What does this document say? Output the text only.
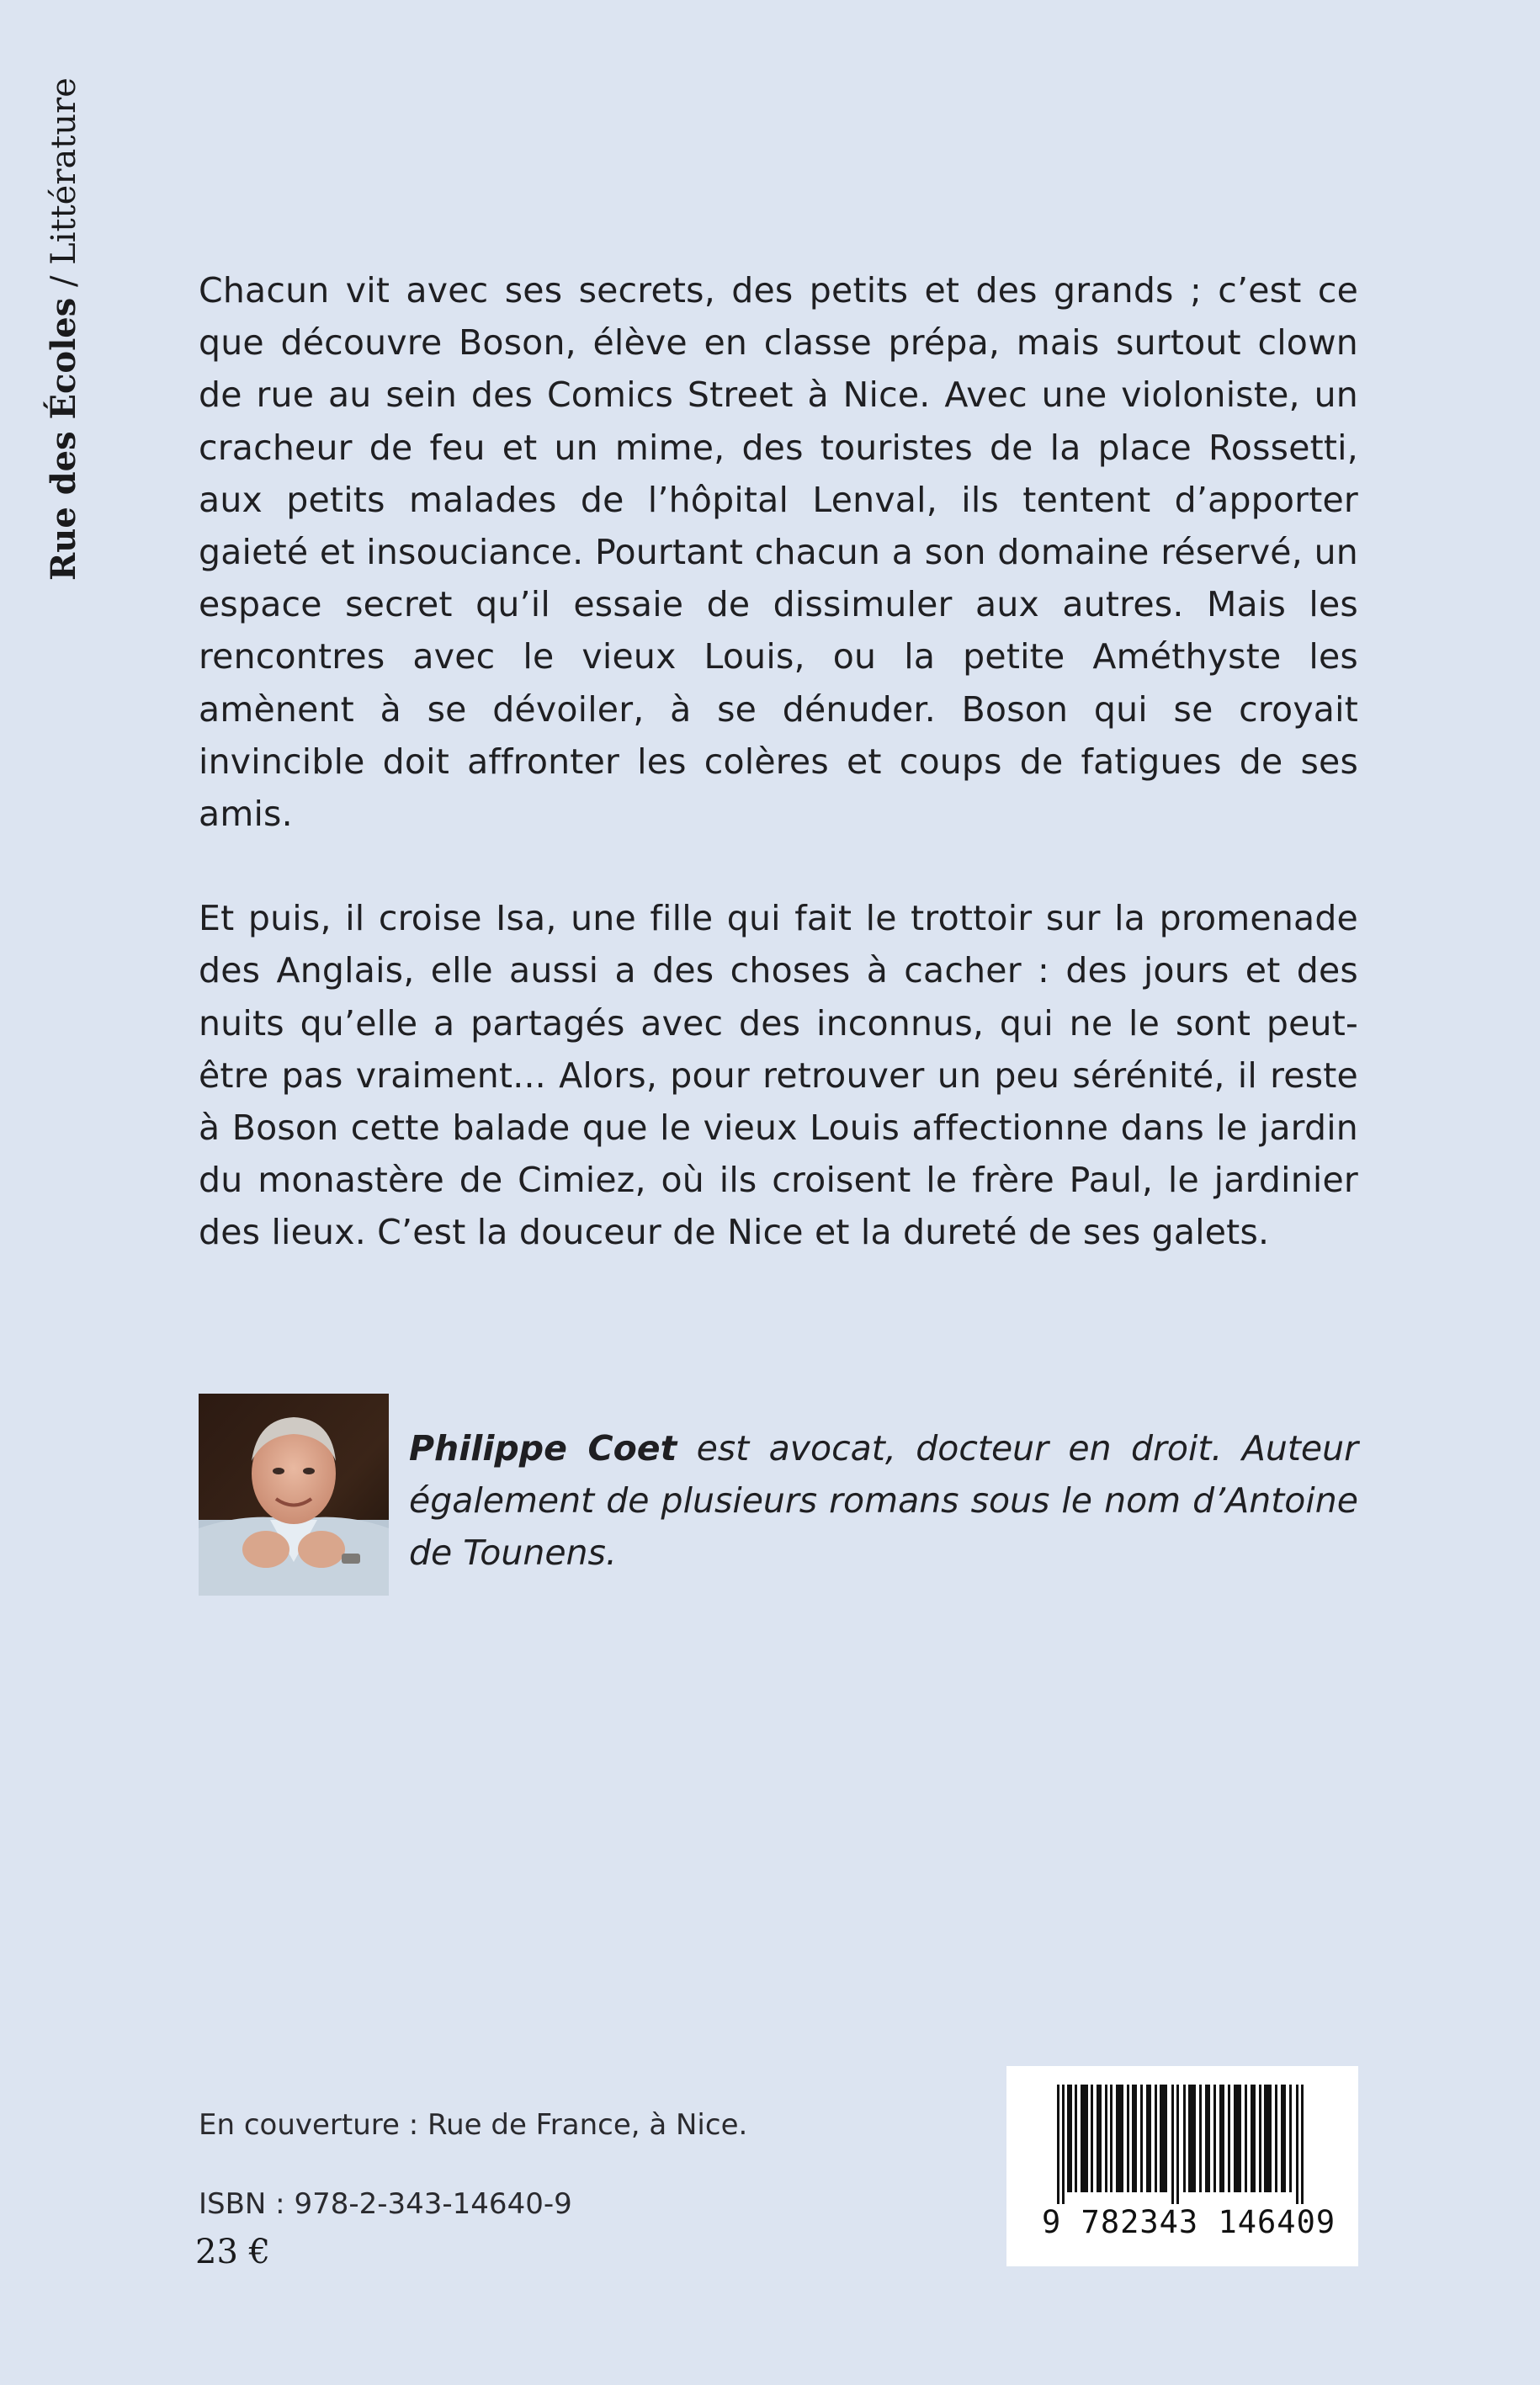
Rue des Écoles / Littérature

Chacun vit avec ses secrets, des petits et des grands ; c’est ce que découvre Boson, élève en classe prépa, mais surtout clown de rue au sein des Comics Street à Nice. Avec une violoniste, un cracheur de feu et un mime, des touristes de la place Rossetti, aux petits malades de l’hôpital Lenval, ils tentent d’apporter gaieté et insouciance. Pourtant chacun a son domaine réservé, un espace secret qu’il essaie de dissimuler aux autres. Mais les rencontres avec le vieux Louis, ou la petite Améthyste les amènent à se dévoiler, à se dénuder. Boson qui se croyait invincible doit affronter les colères et coups de fatigues de ses amis.

Et puis, il croise Isa, une fille qui fait le trottoir sur la promenade des Anglais, elle aussi a des choses à cacher : des jours et des nuits qu’elle a partagés avec des inconnus, qui ne le sont peut-être pas vraiment... Alors, pour retrouver un peu sérénité, il reste à Boson cette balade que le vieux Louis affectionne dans le jardin du monastère de Cimiez, où ils croisent le frère Paul, le jardinier des lieux. C’est la douceur de Nice et la dureté de ses galets.

Philippe Coet est avocat, docteur en droit. Auteur également de plusieurs romans sous le nom d’Antoine de Tounens.
En couverture : Rue de France, à Nice.
ISBN : 978-2-343-14640-9
23 €
9 782343 146409
